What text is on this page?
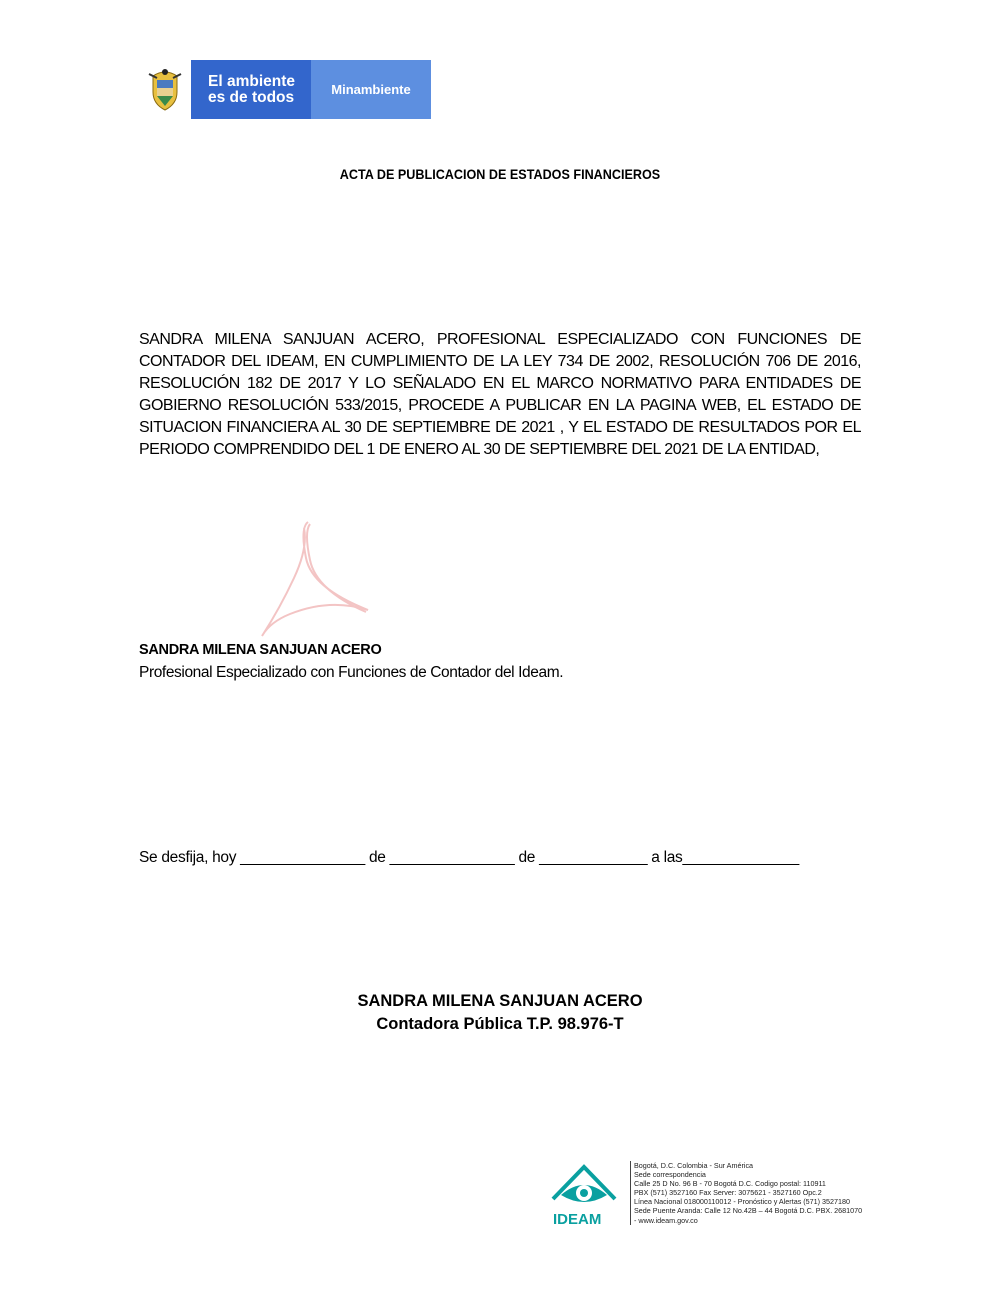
El ambiente
es de todos	Minambiente
ACTA DE PUBLICACION DE ESTADOS FINANCIEROS
SANDRA MILENA SANJUAN ACERO, PROFESIONAL ESPECIALIZADO CON FUNCIONES DE
CONTADOR DEL IDEAM, EN CUMPLIMIENTO DE LA LEY 734 DE 2002, RESOLUCIÓN 706 DE 2016,
RESOLUCIÓN 182 DE 2017 Y LO SEÑALADO EN EL MARCO NORMATIVO PARA ENTIDADES DE
GOBIERNO RESOLUCIÓN 533/2015, PROCEDE A PUBLICAR EN LA PAGINA WEB, EL ESTADO DE
SITUACION FINANCIERA AL 30 DE SEPTIEMBRE DE 2021 , Y EL ESTADO DE RESULTADOS POR EL
PERIODO COMPRENDIDO DEL 1 DE ENERO AL 30 DE SEPTIEMBRE DEL 2021 DE LA ENTIDAD,
SANDRA MILENA SANJUAN ACERO
Profesional Especializado con Funciones de Contador del Ideam.
Se desfija, hoy _______________ de _______________ de _____________ a las______________
SANDRA MILENA SANJUAN ACERO
Contadora Pública T.P. 98.976-T
IDEAM
Bogotá, D.C. Colombia - Sur América
Sede correspondencia
Calle 25 D No. 96 B - 70 Bogotá D.C. Codigo postal: 110911
PBX (571) 3527160 Fax Server: 3075621 - 3527160 Opc.2
Línea Nacional 018000110012 - Pronóstico y Alertas (571) 3527180
Sede Puente Aranda: Calle 12 No.42B – 44 Bogotá D.C. PBX. 2681070
- www.ideam.gov.co
